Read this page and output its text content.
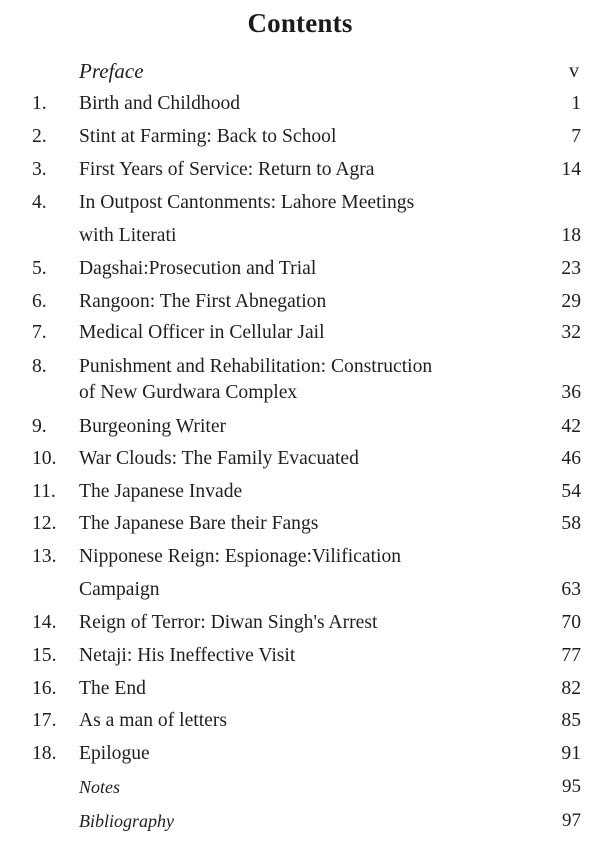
Contents
Preface	v
1.	Birth and Childhood	1
2.	Stint at Farming: Back to School	7
3.	First Years of Service: Return to Agra	14
4.	In Outpost Cantonments: Lahore Meetings
with Literati	18
5.	Dagshai:Prosecution and Trial	23
6.	Rangoon: The First Abnegation	29
7.	Medical Officer in Cellular Jail	32
8.	Punishment and Rehabilitation: Construction
of New Gurdwara Complex	36
9.	Burgeoning Writer	42
10.	War Clouds: The Family Evacuated	46
11.	The Japanese Invade	54
12.	The Japanese Bare their Fangs	58
13.	Nipponese Reign: Espionage:Vilification
Campaign	63
14.	Reign of Terror: Diwan Singh's Arrest	70
15.	Netaji: His Ineffective Visit	77
16.	The End	82
17.	As a man of letters	85
18.	Epilogue	91
Notes	95
Bibliography	97
